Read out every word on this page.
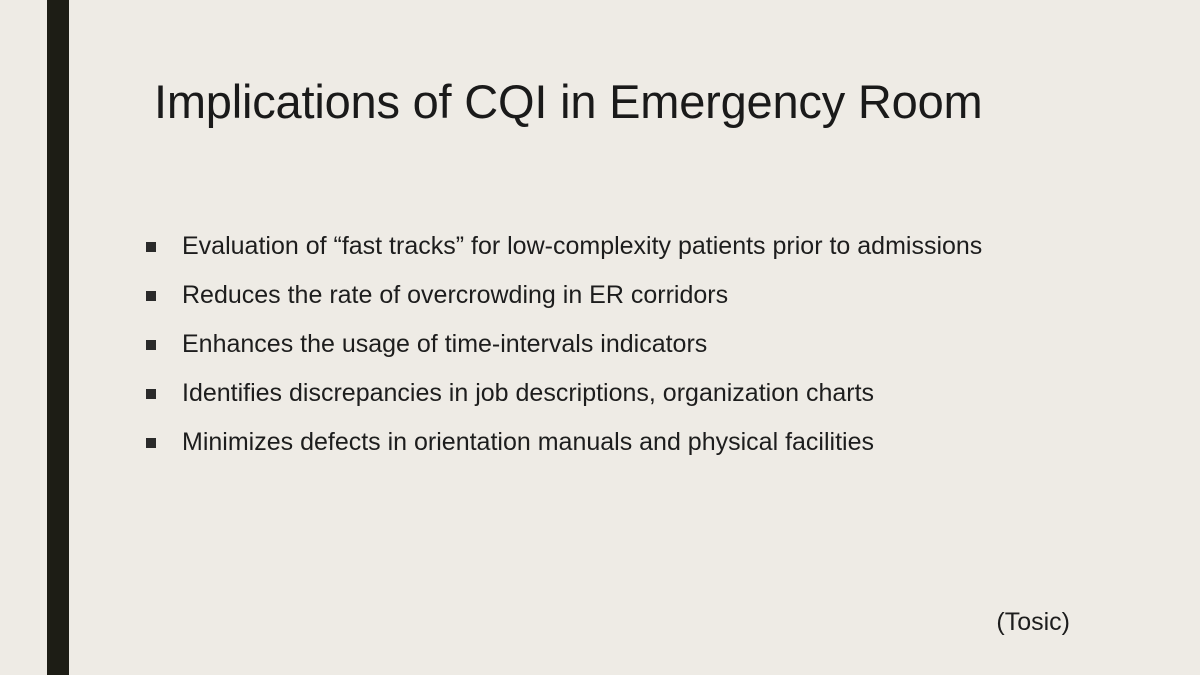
Implications of CQI in Emergency Room
Evaluation of “fast tracks” for low-complexity patients prior to admissions
Reduces the rate of overcrowding in ER corridors
Enhances the usage of time-intervals indicators
Identifies discrepancies in job descriptions, organization charts
Minimizes defects in orientation manuals and physical facilities

(Tosic)
